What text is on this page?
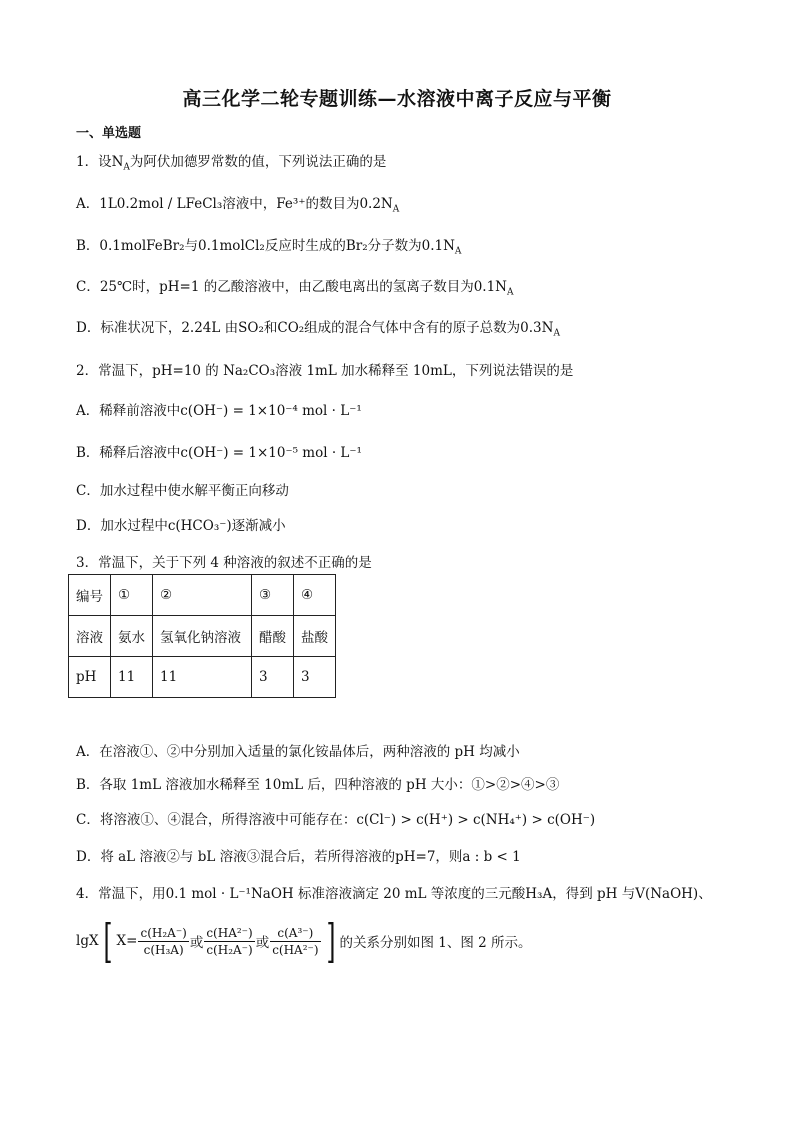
高三化学二轮专题训练—水溶液中离子反应与平衡
一、单选题
1．设$N_A$为阿伏加德罗常数的值，下列说法正确的是
A．1L0.2mol / LFeCl₃溶液中，Fe³⁺的数目为$0.2N_A$
B．0.1molFeBr₂与0.1molCl₂反应时生成的Br₂分子数为$0.1N_A$
C．25℃时，pH=1 的乙酸溶液中，由乙酸电离出的氢离子数目为$0.1N_A$
D．标准状况下，2.24L 由SO₂和CO₂组成的混合气体中含有的原子总数为$0.3N_A$
2．常温下，pH=10 的 Na₂CO₃溶液 1mL 加水稀释至 10mL，下列说法错误的是
A．稀释前溶液中c(OH⁻) = 1×10⁻⁴ mol · L⁻¹
B．稀释后溶液中c(OH⁻) = 1×10⁻⁵ mol · L⁻¹
C．加水过程中使水解平衡正向移动
D．加水过程中c(HCO₃⁻)逐渐减小
3．常温下，关于下列 4 种溶液的叙述不正确的是
编号	①	②	③	④
溶液	氨水	氢氧化钠溶液	醋酸	盐酸
pH	11	11	3	3
A．在溶液①、②中分别加入适量的氯化铵晶体后，两种溶液的 pH 均减小
B．各取 1mL 溶液加水稀释至 10mL 后，四种溶液的 pH 大小：①>②>④>③
C．将溶液①、④混合，所得溶液中可能存在：c(Cl⁻) > c(H⁺) > c(NH₄⁺) > c(OH⁻)
D．将 aL 溶液②与 bL 溶液③混合后，若所得溶液的pH=7，则a : b < 1
4．常温下，用0.1 mol · L⁻¹NaOH 标准溶液滴定 20 mL 等浓度的三元酸H₃A，得到 pH 与V(NaOH)、
lgX [ $X= \frac{\text{c(H₂A⁻)}}{\text{c(H₃A)}}$ 或 $\frac{\text{c(HA²⁻)}}{\text{c(H₂A⁻)}}$ 或 $\frac{\text{c(A³⁻)}}{\text{c(HA²⁻)}}$ ] 的关系分别如图 1、图 2 所示。
